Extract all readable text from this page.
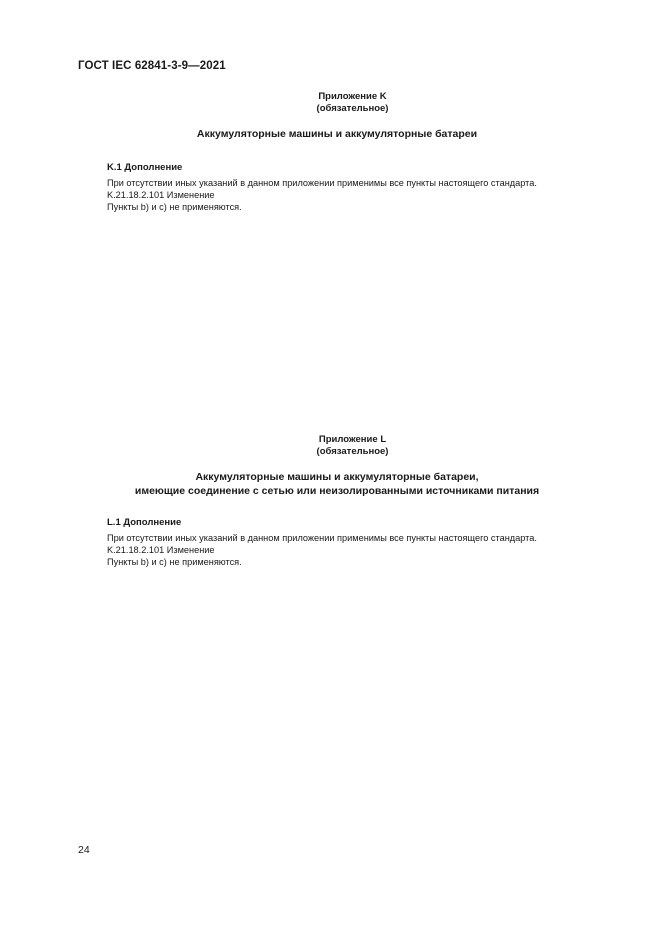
ГОСТ IEC 62841-3-9—2021
Приложение K
(обязательное)
Аккумуляторные машины и аккумуляторные батареи
K.1 Дополнение
При отсутствии иных указаний в данном приложении применимы все пункты настоящего стандарта.
K.21.18.2.101 Изменение
Пункты b) и c) не применяются.
Приложение L
(обязательное)
Аккумуляторные машины и аккумуляторные батареи,
имеющие соединение с сетью или неизолированными источниками питания
L.1 Дополнение
При отсутствии иных указаний в данном приложении применимы все пункты настоящего стандарта.
K.21.18.2.101 Изменение
Пункты b) и c) не применяются.
24
